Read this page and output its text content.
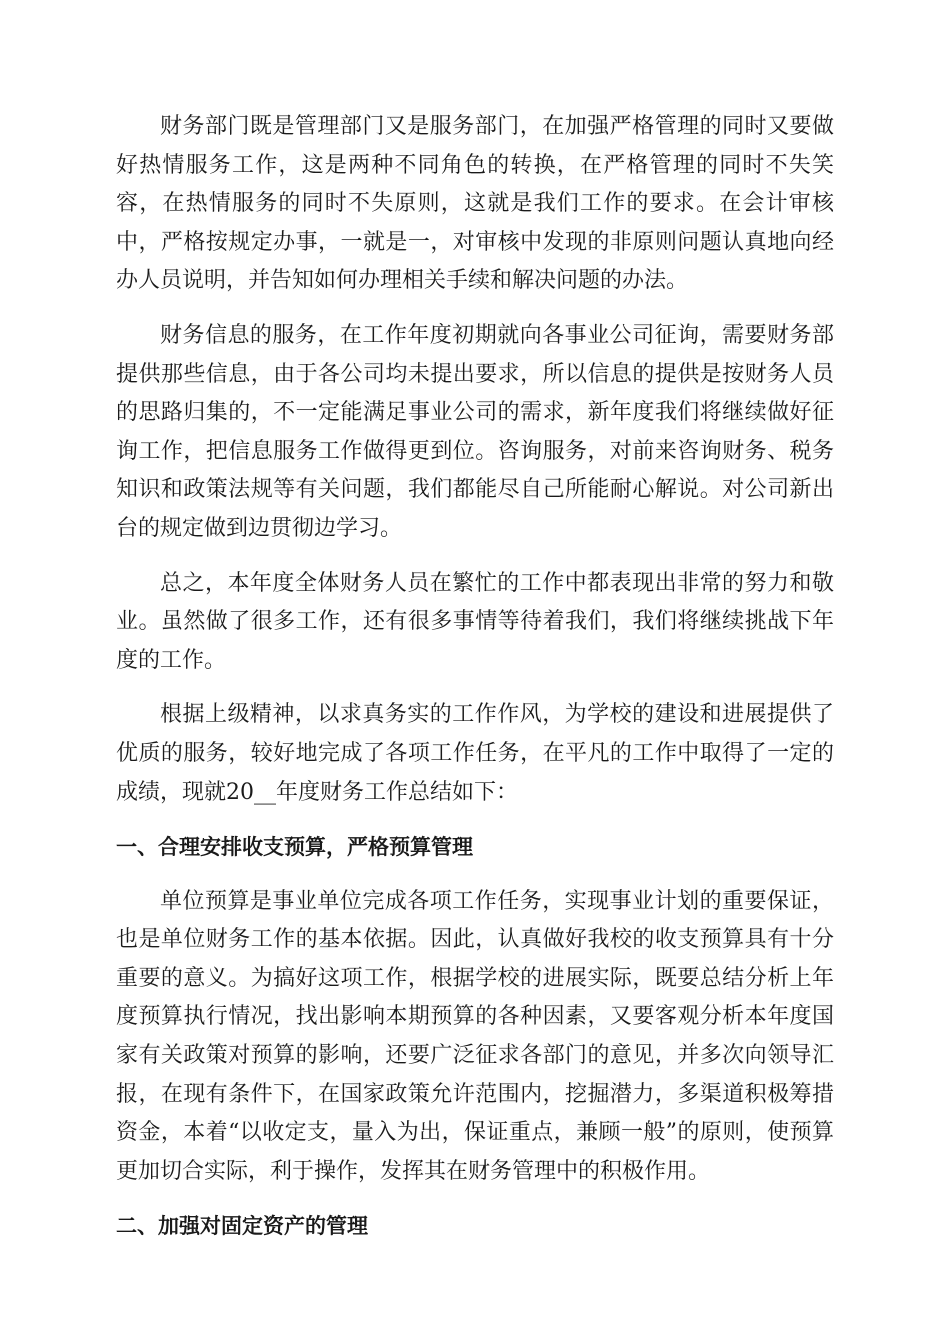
财务部门既是管理部门又是服务部门，在加强严格管理的同时又要做好热情服务工作，这是两种不同角色的转换，在严格管理的同时不失笑容，在热情服务的同时不失原则，这就是我们工作的要求。在会计审核中，严格按规定办事，一就是一，对审核中发现的非原则问题认真地向经办人员说明，并告知如何办理相关手续和解决问题的办法。

财务信息的服务，在工作年度初期就向各事业公司征询，需要财务部提供那些信息，由于各公司均未提出要求，所以信息的提供是按财务人员的思路归集的，不一定能满足事业公司的需求，新年度我们将继续做好征询工作，把信息服务工作做得更到位。咨询服务，对前来咨询财务、税务知识和政策法规等有关问题，我们都能尽自己所能耐心解说。对公司新出台的规定做到边贯彻边学习。

总之，本年度全体财务人员在繁忙的工作中都表现出非常的努力和敬业。虽然做了很多工作，还有很多事情等待着我们，我们将继续挑战下年度的工作。

根据上级精神，以求真务实的工作作风，为学校的建设和进展提供了优质的服务，较好地完成了各项工作任务，在平凡的工作中取得了一定的成绩，现就20__年度财务工作总结如下：

一、合理安排收支预算，严格预算管理

单位预算是事业单位完成各项工作任务，实现事业计划的重要保证，也是单位财务工作的基本依据。因此，认真做好我校的收支预算具有十分重要的意义。为搞好这项工作，根据学校的进展实际，既要总结分析上年度预算执行情况，找出影响本期预算的各种因素，又要客观分析本年度国家有关政策对预算的影响，还要广泛征求各部门的意见，并多次向领导汇报，在现有条件下，在国家政策允许范围内，挖掘潜力，多渠道积极筹措资金，本着“以收定支，量入为出，保证重点，兼顾一般”的原则，使预算更加切合实际，利于操作，发挥其在财务管理中的积极作用。

二、加强对固定资产的管理
